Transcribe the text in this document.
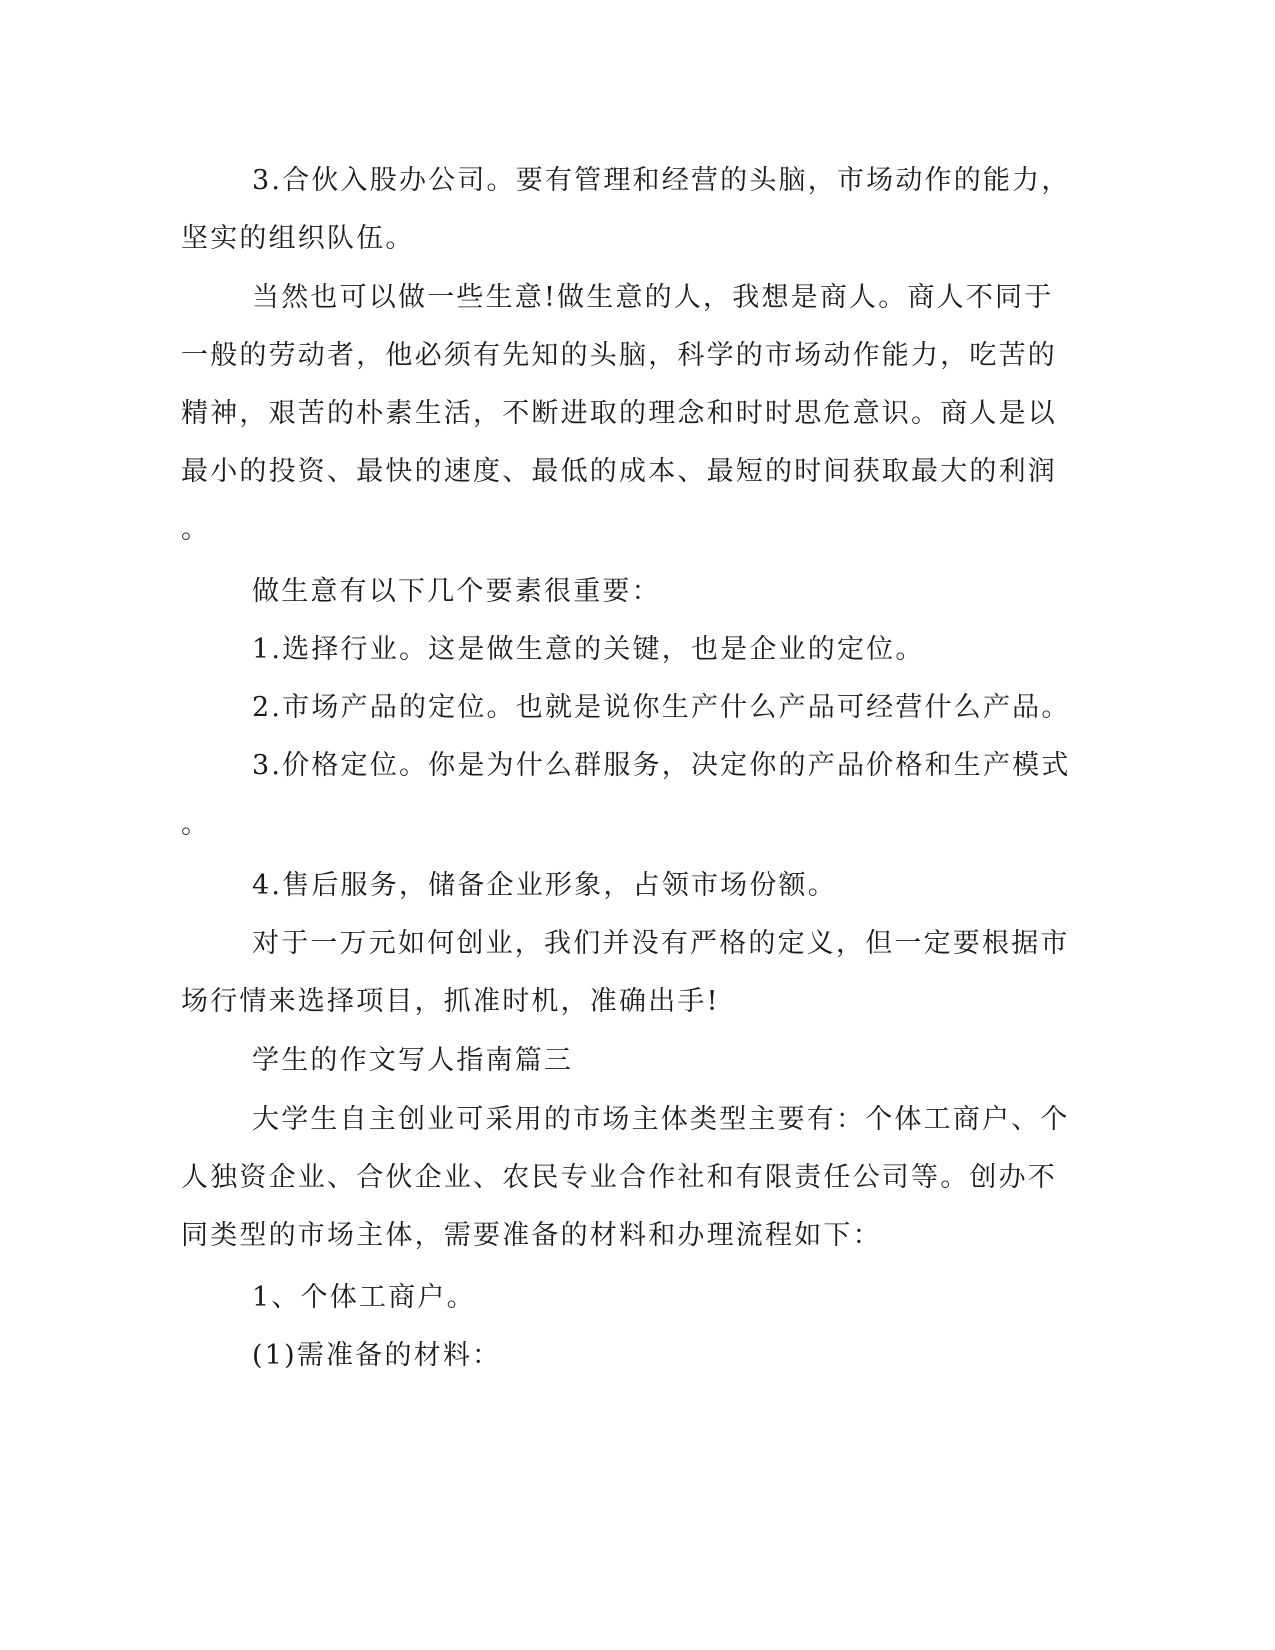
3.合伙入股办公司。要有管理和经营的头脑，市场动作的能力，
坚实的组织队伍。
当然也可以做一些生意!做生意的人，我想是商人。商人不同于
一般的劳动者，他必须有先知的头脑，科学的市场动作能力，吃苦的
精神，艰苦的朴素生活，不断进取的理念和时时思危意识。商人是以
最小的投资、最快的速度、最低的成本、最短的时间获取最大的利润
。
做生意有以下几个要素很重要：
1.选择行业。这是做生意的关键，也是企业的定位。
2.市场产品的定位。也就是说你生产什么产品可经营什么产品。
3.价格定位。你是为什么群服务，决定你的产品价格和生产模式
。
4.售后服务，储备企业形象，占领市场份额。
对于一万元如何创业，我们并没有严格的定义，但一定要根据市
场行情来选择项目，抓准时机，准确出手!
学生的作文写人指南篇三
大学生自主创业可采用的市场主体类型主要有：个体工商户、个
人独资企业、合伙企业、农民专业合作社和有限责任公司等。创办不
同类型的市场主体，需要准备的材料和办理流程如下：
1、个体工商户。
(1)需准备的材料：
